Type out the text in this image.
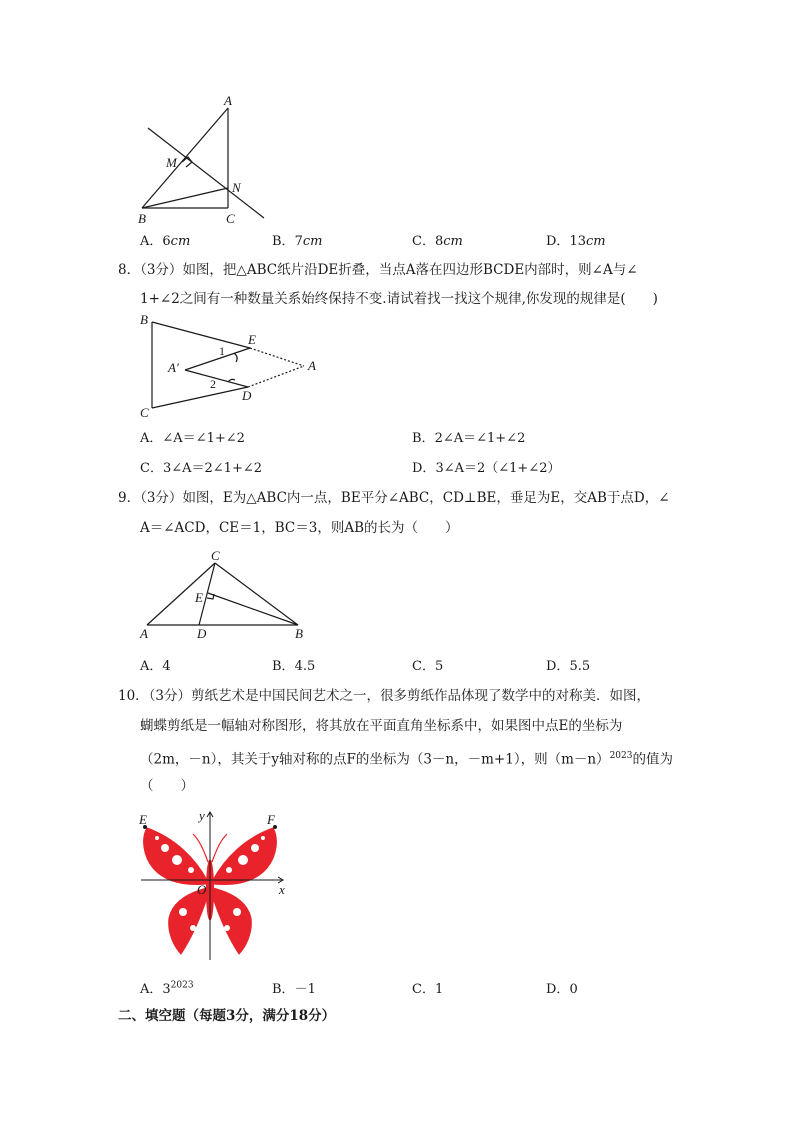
A
M
N
B	C
A．6cm	B．7cm	C．8cm	D．13cm
8．（3分）如图，把△ABC纸片沿DE折叠，当点A落在四边形BCDE内部时，则∠A与∠
1+∠2之间有一种数量关系始终保持不变.请试着找一找这个规律,你发现的规律是(　　)
B
C
E
D
A
A′
1
2
A．∠A＝∠1+∠2	B．2∠A＝∠1+∠2
C．3∠A＝2∠1+∠2	D．3∠A＝2（∠1+∠2）
9．（3分）如图，E为△ABC内一点，BE平分∠ABC，CD⊥BE，垂足为E，交AB于点D，∠
A＝∠ACD，CE＝1，BC＝3，则AB的长为（　　）
C
E
A	D	B
A．4	B．4.5	C．5	D．5.5
10．（3分）剪纸艺术是中国民间艺术之一，很多剪纸作品体现了数学中的对称美．如图，
蝴蝶剪纸是一幅轴对称图形，将其放在平面直角坐标系中，如果图中点E的坐标为
（2m，－n），其关于y轴对称的点F的坐标为（3－n，－m+1），则$(m-n)^{2023}$的值为
（　　）
E	F
y
x
O
A．$3^{2023}$	B．－1	C．1	D．0
二、填空题（每题3分，满分18分）
